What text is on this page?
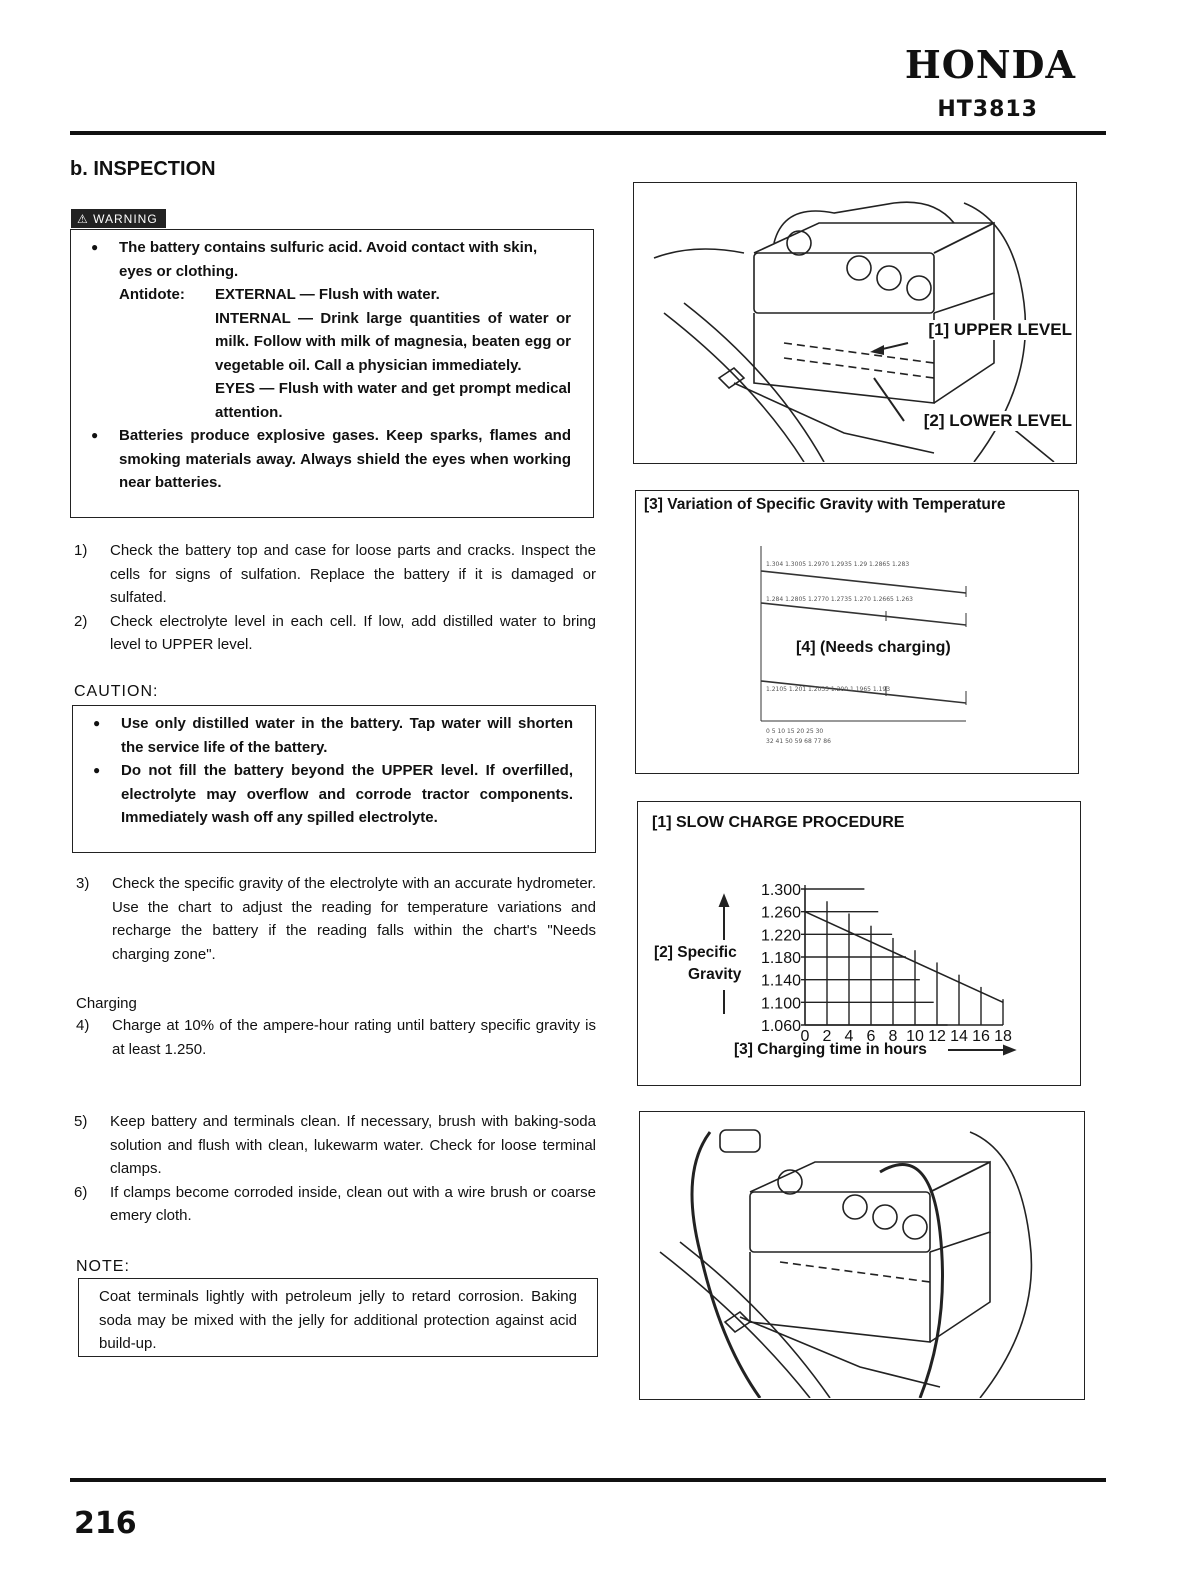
HONDA
HT3813
b. INSPECTION
⚠ WARNING
● The battery contains sulfuric acid. Avoid contact with skin, eyes or clothing.
Antidote:	EXTERNAL — Flush with water.
INTERNAL — Drink large quantities of water or milk. Follow with milk of magnesia, beaten egg or vegetable oil. Call a physician immediately.
EYES — Flush with water and get prompt medical attention.
● Batteries produce explosive gases. Keep sparks, flames and smoking materials away. Always shield the eyes when working near batteries.
1) Check the battery top and case for loose parts and cracks. Inspect the cells for signs of sulfation. Replace the battery if it is damaged or sulfated.
2) Check electrolyte level in each cell. If low, add distilled water to bring level to UPPER level.
CAUTION:
● Use only distilled water in the battery. Tap water will shorten the service life of the battery.
● Do not fill the battery beyond the UPPER level. If overfilled, electrolyte may overflow and corrode tractor components. Immediately wash off any spilled electrolyte.
3) Check the specific gravity of the electrolyte with an accurate hydrometer. Use the chart to adjust the reading for temperature variations and recharge the battery if the reading falls within the chart's "Needs charging zone".
Charging
4) Charge at 10% of the ampere-hour rating until battery specific gravity is at least 1.250.
5) Keep battery and terminals clean. If necessary, brush with baking-soda solution and flush with clean, lukewarm water. Check for loose terminal clamps.
6) If clamps become corroded inside, clean out with a wire brush or coarse emery cloth.
NOTE:
Coat terminals lightly with petroleum jelly to retard corrosion. Baking soda may be mixed with the jelly for additional protection against acid build-up.
[1] UPPER LEVEL
[2] LOWER LEVEL
[3] Variation of Specific Gravity with Temperature
1.304 1.3005 1.2970 1.2935 1.29 1.2865 1.283
1.284 1.2805 1.2770 1.2735 1.270 1.2665 1.263
1.2105 1.201 1.2035 1.200 1.1965 1.193
0 5 10 15 20 25 30
32 41 50 59 68 77 86
[4] (Needs charging)
[1] SLOW CHARGE PROCEDURE
[2] Specific
Gravity
1.300
1.260
1.220
1.180
1.140
1.100
1.060
0 2 4 6 8 10 12 14 16 18
[3] Charging time in hours
216
